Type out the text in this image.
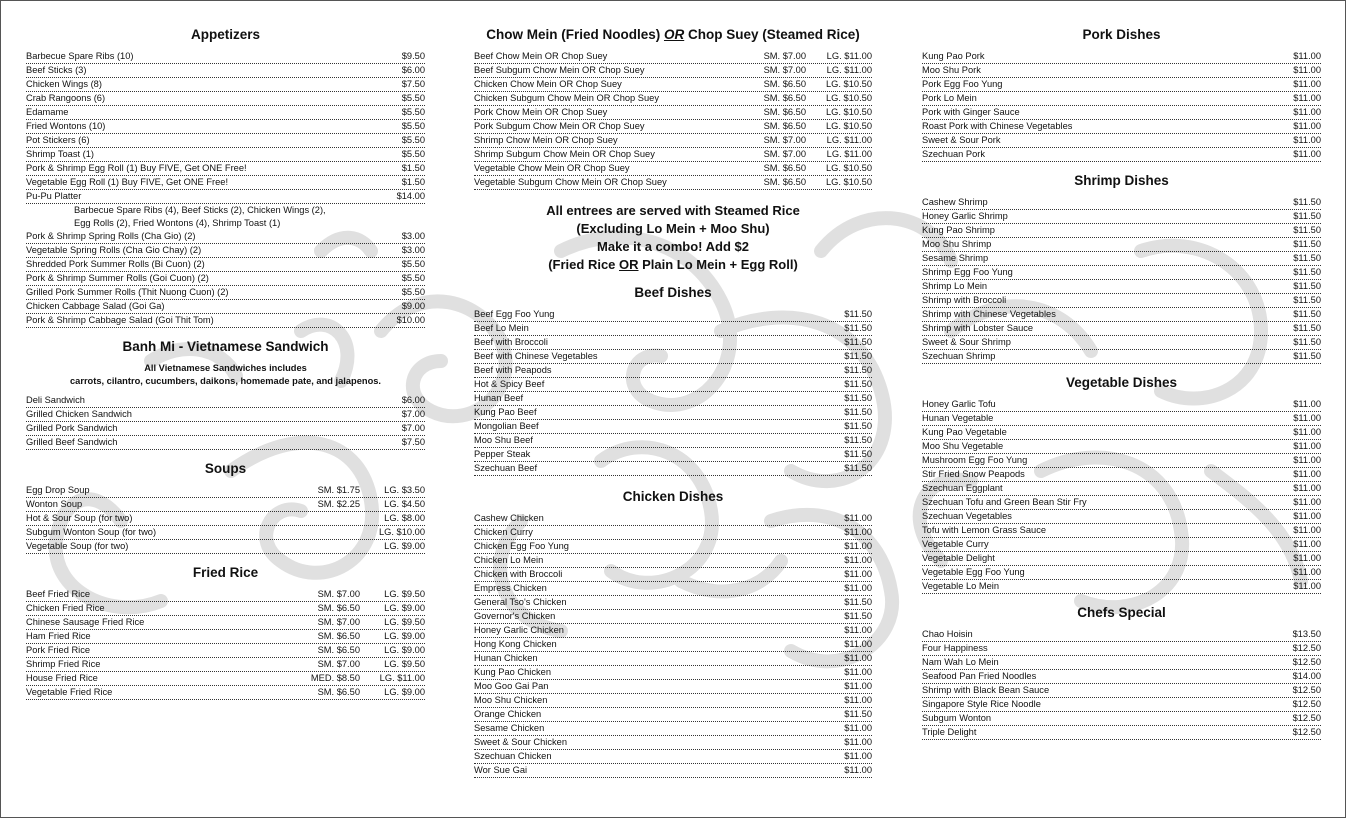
Appetizers
Barbecue Spare Ribs (10)	$9.50
Beef Sticks (3)	$6.00
Chicken Wings (8)	$7.50
Crab Rangoons (6)	$5.50
Edamame	$5.50
Fried Wontons (10)	$5.50
Pot Stickers (6)	$5.50
Shrimp Toast (1)	$5.50
Pork & Shrimp Egg Roll (1) Buy FIVE, Get ONE Free!	$1.50
Vegetable Egg Roll (1) Buy FIVE, Get ONE Free!	$1.50
Pu-Pu Platter	$14.00
Barbecue Spare Ribs (4), Beef Sticks (2), Chicken Wings (2),
Egg Rolls (2), Fried Wontons (4), Shrimp Toast (1)
Pork & Shrimp Spring Rolls (Cha Gio) (2)	$3.00
Vegetable Spring Rolls (Cha Gio Chay) (2)	$3.00
Shredded Pork Summer Rolls (Bi Cuon) (2)	$5.50
Pork & Shrimp Summer Rolls (Goi Cuon) (2)	$5.50
Grilled Pork Summer Rolls (Thit Nuong Cuon) (2)	$5.50
Chicken Cabbage Salad (Goi Ga)	$9.00
Pork & Shrimp Cabbage Salad (Goi Thit Tom)	$10.00
Banh Mi - Vietnamese Sandwich
All Vietnamese Sandwiches includes
carrots, cilantro, cucumbers, daikons, homemade pate, and jalapenos.
Deli Sandwich	$6.00
Grilled Chicken Sandwich	$7.00
Grilled Pork Sandwich	$7.00
Grilled Beef Sandwich	$7.50
Soups
Egg Drop Soup	SM. $1.75	LG. $3.50
Wonton Soup	SM. $2.25	LG. $4.50
Hot & Sour Soup (for two)	LG. $8.00
Subgum Wonton Soup (for two)	LG. $10.00
Vegetable Soup (for two)	LG. $9.00
Fried Rice
Beef Fried Rice	SM. $7.00	LG. $9.50
Chicken Fried Rice	SM. $6.50	LG. $9.00
Chinese Sausage Fried Rice	SM. $7.00	LG. $9.50
Ham Fried Rice	SM. $6.50	LG. $9.00
Pork Fried Rice	SM. $6.50	LG. $9.00
Shrimp Fried Rice	SM. $7.00	LG. $9.50
House Fried Rice	MED. $8.50 LG. $11.00
Vegetable Fried Rice	SM. $6.50	LG. $9.00
Chow Mein (Fried Noodles) OR Chop Suey (Steamed Rice)
Beef Chow Mein OR Chop Suey	SM. $7.00 LG. $11.00
Beef Subgum Chow Mein OR Chop Suey	SM. $7.00 LG. $11.00
Chicken Chow Mein OR Chop Suey	SM. $6.50 LG. $10.50
Chicken Subgum Chow Mein OR Chop Suey	SM. $6.50 LG. $10.50
Pork Chow Mein OR Chop Suey	SM. $6.50 LG. $10.50
Pork Subgum Chow Mein OR Chop Suey	SM. $6.50 LG. $10.50
Shrimp Chow Mein OR Chop Suey	SM. $7.00 LG. $11.00
Shrimp Subgum Chow Mein OR Chop Suey	SM. $7.00 LG. $11.00
Vegetable Chow Mein OR Chop Suey	SM. $6.50 LG. $10.50
Vegetable Subgum Chow Mein OR Chop Suey	SM. $6.50 LG. $10.50
All entrees are served with Steamed Rice
(Excluding Lo Mein + Moo Shu)
Make it a combo! Add $2
(Fried Rice OR Plain Lo Mein + Egg Roll)
Beef Dishes
Beef Egg Foo Yung	$11.50
Beef Lo Mein	$11.50
Beef with Broccoli	$11.50
Beef with Chinese Vegetables	$11.50
Beef with Peapods	$11.50
Hot & Spicy Beef	$11.50
Hunan Beef	$11.50
Kung Pao Beef	$11.50
Mongolian Beef	$11.50
Moo Shu Beef	$11.50
Pepper Steak	$11.50
Szechuan Beef	$11.50
Chicken Dishes
Cashew Chicken	$11.00
Chicken Curry	$11.00
Chicken Egg Foo Yung	$11.00
Chicken Lo Mein	$11.00
Chicken with Broccoli	$11.00
Empress Chicken	$11.00
General Tso's Chicken	$11.50
Governor's Chicken	$11.50
Honey Garlic Chicken	$11.00
Hong Kong Chicken	$11.00
Hunan Chicken	$11.00
Kung Pao Chicken	$11.00
Moo Goo Gai Pan	$11.00
Moo Shu Chicken	$11.00
Orange Chicken	$11.50
Sesame Chicken	$11.00
Sweet & Sour Chicken	$11.00
Szechuan Chicken	$11.00
Wor Sue Gai	$11.00
Pork Dishes
Kung Pao Pork	$11.00
Moo Shu Pork	$11.00
Pork Egg Foo Yung	$11.00
Pork Lo Mein	$11.00
Pork with Ginger Sauce	$11.00
Roast Pork with Chinese Vegetables	$11.00
Sweet & Sour Pork	$11.00
Szechuan Pork	$11.00
Shrimp Dishes
Cashew Shrimp	$11.50
Honey Garlic Shrimp	$11.50
Kung Pao Shrimp	$11.50
Moo Shu Shrimp	$11.50
Sesame Shrimp	$11.50
Shrimp Egg Foo Yung	$11.50
Shrimp Lo Mein	$11.50
Shrimp with Broccoli	$11.50
Shrimp with Chinese Vegetables	$11.50
Shrimp with Lobster Sauce	$11.50
Sweet & Sour Shrimp	$11.50
Szechuan Shrimp	$11.50
Vegetable Dishes
Honey Garlic Tofu	$11.00
Hunan Vegetable	$11.00
Kung Pao Vegetable	$11.00
Moo Shu Vegetable	$11.00
Mushroom Egg Foo Yung	$11.00
Stir Fried Snow Peapods	$11.00
Szechuan Eggplant	$11.00
Szechuan Tofu and Green Bean Stir Fry	$11.00
Szechuan Vegetables	$11.00
Tofu with Lemon Grass Sauce	$11.00
Vegetable Curry	$11.00
Vegetable Delight	$11.00
Vegetable Egg Foo Yung	$11.00
Vegetable Lo Mein	$11.00
Chefs Special
Chao Hoisin	$13.50
Four Happiness	$12.50
Nam Wah Lo Mein	$12.50
Seafood Pan Fried Noodles	$14.00
Shrimp with Black Bean Sauce	$12.50
Singapore Style Rice Noodle	$12.50
Subgum Wonton	$12.50
Triple Delight	$12.50
